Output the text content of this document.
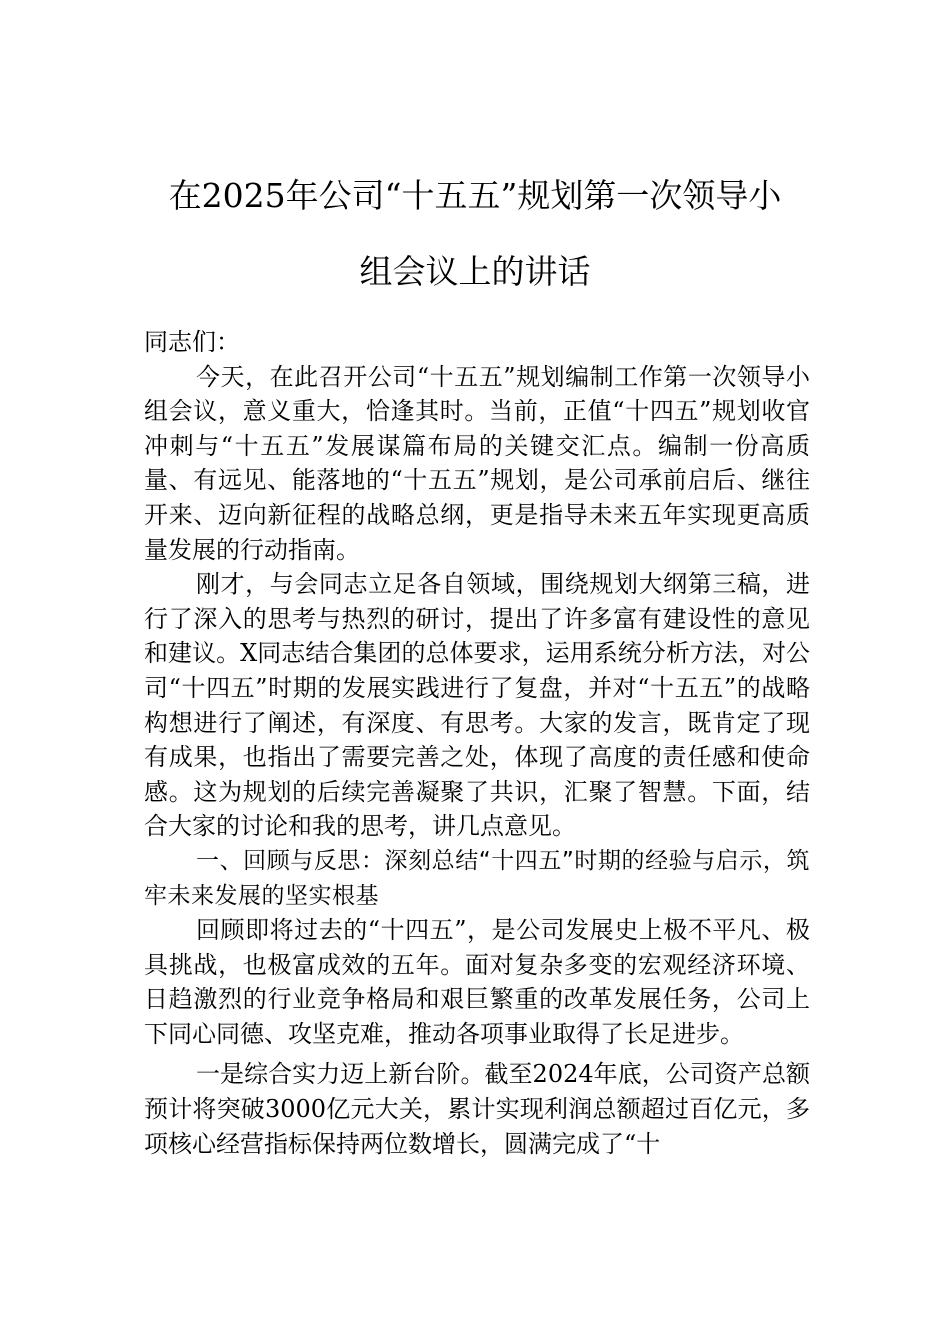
在2025年公司“十五五”规划第一次领导小
组会议上的讲话

同志们：

今天，在此召开公司“十五五”规划编制工作第一次领导小组会议，意义重大，恰逢其时。当前，正值“十四五”规划收官冲刺与“十五五”发展谋篇布局的关键交汇点。编制一份高质量、有远见、能落地的“十五五”规划，是公司承前启后、继往开来、迈向新征程的战略总纲，更是指导未来五年实现更高质量发展的行动指南。

刚才，与会同志立足各自领域，围绕规划大纲第三稿，进行了深入的思考与热烈的研讨，提出了许多富有建设性的意见和建议。X同志结合集团的总体要求，运用系统分析方法，对公司“十四五”时期的发展实践进行了复盘，并对“十五五”的战略构想进行了阐述，有深度、有思考。大家的发言，既肯定了现有成果，也指出了需要完善之处，体现了高度的责任感和使命感。这为规划的后续完善凝聚了共识，汇聚了智慧。下面，结合大家的讨论和我的思考，讲几点意见。

一、回顾与反思：深刻总结“十四五”时期的经验与启示，筑牢未来发展的坚实根基

回顾即将过去的“十四五”，是公司发展史上极不平凡、极具挑战，也极富成效的五年。面对复杂多变的宏观经济环境、日趋激烈的行业竞争格局和艰巨繁重的改革发展任务，公司上下同心同德、攻坚克难，推动各项事业取得了长足进步。

一是综合实力迈上新台阶。截至2024年底，公司资产总额预计将突破3000亿元大关，累计实现利润总额超过百亿元，多项核心经营指标保持两位数增长，圆满完成了“十
